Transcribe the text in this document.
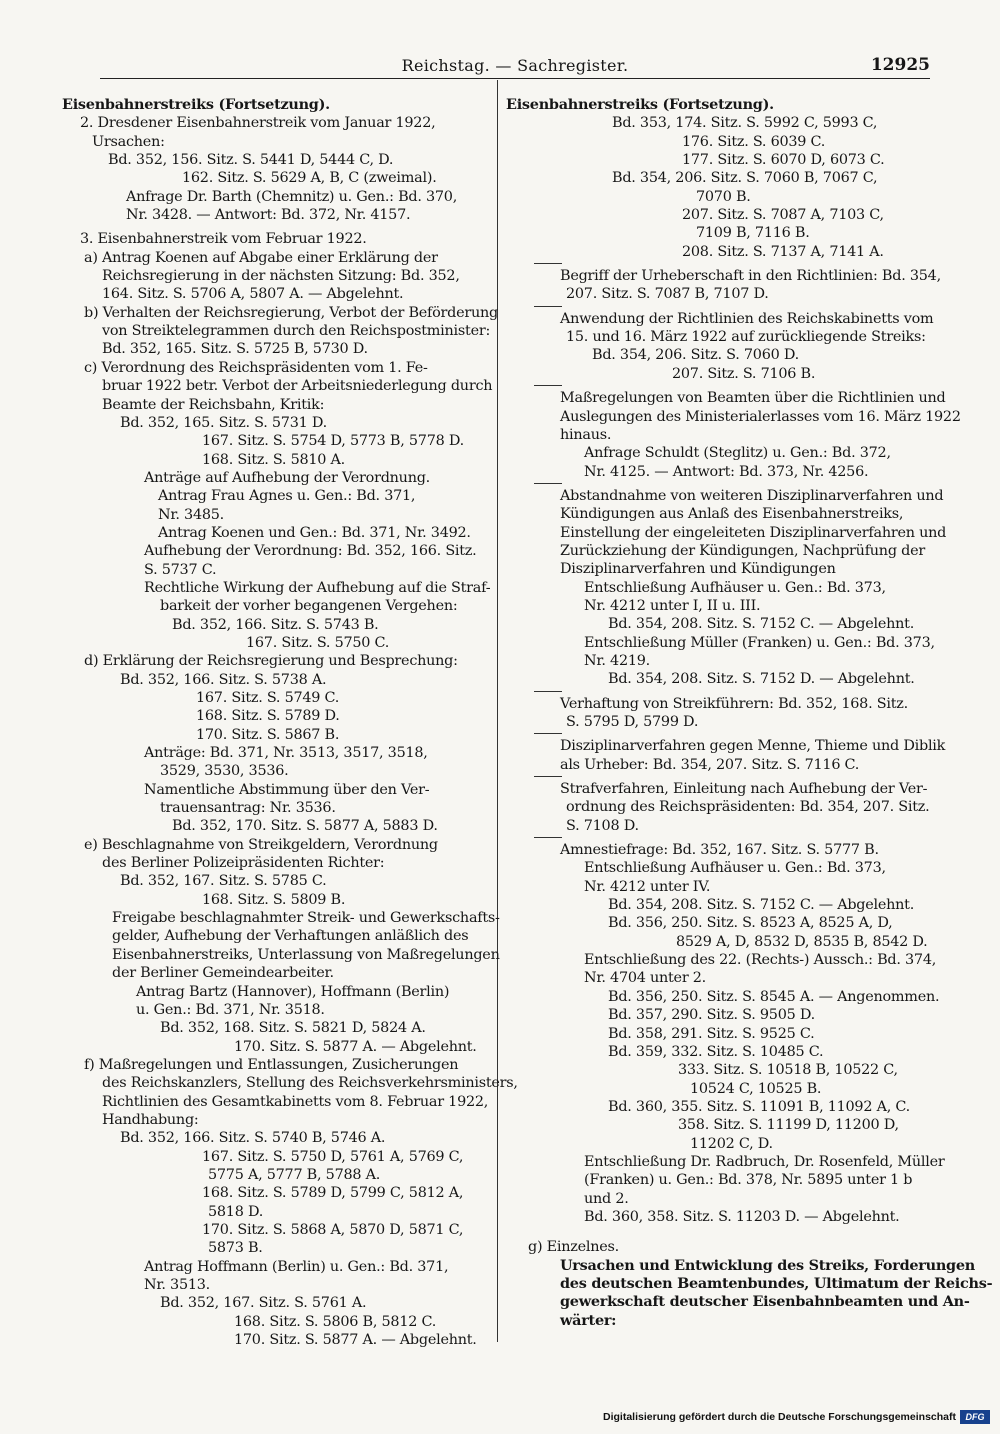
Reichstag. — Sachregister.	12925
Eisenbahnerstreiks (Fortsetzung).
2. Dresdener Eisenbahnerstreik vom Januar 1922,
Ursachen:
Bd. 352, 156. Sitz. S. 5441 D, 5444 C, D.
162. Sitz. S. 5629 A, B, C (zweimal).
Anfrage Dr. Barth (Chemnitz) u. Gen.: Bd. 370,
Nr. 3428. — Antwort: Bd. 372, Nr. 4157.
3. Eisenbahnerstreik vom Februar 1922.
a) Antrag Koenen auf Abgabe einer Erklärung der
Reichsregierung in der nächsten Sitzung: Bd. 352,
164. Sitz. S. 5706 A, 5807 A. — Abgelehnt.
b) Verhalten der Reichsregierung, Verbot der Beförderung
von Streiktelegrammen durch den Reichspostminister:
Bd. 352, 165. Sitz. S. 5725 B, 5730 D.
c) Verordnung des Reichspräsidenten vom 1. Fe-
bruar 1922 betr. Verbot der Arbeitsniederlegung durch
Beamte der Reichsbahn, Kritik:
Bd. 352, 165. Sitz. S. 5731 D.
167. Sitz. S. 5754 D, 5773 B, 5778 D.
168. Sitz. S. 5810 A.
Anträge auf Aufhebung der Verordnung.
Antrag Frau Agnes u. Gen.: Bd. 371,
Nr. 3485.
Antrag Koenen und Gen.: Bd. 371, Nr. 3492.
Aufhebung der Verordnung: Bd. 352, 166. Sitz.
S. 5737 C.
Rechtliche Wirkung der Aufhebung auf die Straf-
barkeit der vorher begangenen Vergehen:
Bd. 352, 166. Sitz. S. 5743 B.
167. Sitz. S. 5750 C.
d) Erklärung der Reichsregierung und Besprechung:
Bd. 352, 166. Sitz. S. 5738 A.
167. Sitz. S. 5749 C.
168. Sitz. S. 5789 D.
170. Sitz. S. 5867 B.
Anträge: Bd. 371, Nr. 3513, 3517, 3518,
3529, 3530, 3536.
Namentliche Abstimmung über den Ver-
trauensantrag: Nr. 3536.
Bd. 352, 170. Sitz. S. 5877 A, 5883 D.
e) Beschlagnahme von Streikgeldern, Verordnung
des Berliner Polizeipräsidenten Richter:
Bd. 352, 167. Sitz. S. 5785 C.
168. Sitz. S. 5809 B.
Freigabe beschlagnahmter Streik- und Gewerkschafts-
gelder, Aufhebung der Verhaftungen anläßlich des
Eisenbahnerstreiks, Unterlassung von Maßregelungen
der Berliner Gemeindearbeiter.
Antrag Bartz (Hannover), Hoffmann (Berlin)
u. Gen.: Bd. 371, Nr. 3518.
Bd. 352, 168. Sitz. S. 5821 D, 5824 A.
170. Sitz. S. 5877 A. — Abgelehnt.
f) Maßregelungen und Entlassungen, Zusicherungen
des Reichskanzlers, Stellung des Reichsverkehrsministers,
Richtlinien des Gesamtkabinetts vom 8. Februar 1922,
Handhabung:
Bd. 352, 166. Sitz. S. 5740 B, 5746 A.
167. Sitz. S. 5750 D, 5761 A, 5769 C,
5775 A, 5777 B, 5788 A.
168. Sitz. S. 5789 D, 5799 C, 5812 A,
5818 D.
170. Sitz. S. 5868 A, 5870 D, 5871 C,
5873 B.
Antrag Hoffmann (Berlin) u. Gen.: Bd. 371,
Nr. 3513.
Bd. 352, 167. Sitz. S. 5761 A.
168. Sitz. S. 5806 B, 5812 C.
170. Sitz. S. 5877 A. — Abgelehnt.
Eisenbahnerstreiks (Fortsetzung).
Bd. 353, 174. Sitz. S. 5992 C, 5993 C,
176. Sitz. S. 6039 C.
177. Sitz. S. 6070 D, 6073 C.
Bd. 354, 206. Sitz. S. 7060 B, 7067 C,
7070 B.
207. Sitz. S. 7087 A, 7103 C,
7109 B, 7116 B.
208. Sitz. S. 7137 A, 7141 A.
Begriff der Urheberschaft in den Richtlinien: Bd. 354,
207. Sitz. S. 7087 B, 7107 D.
Anwendung der Richtlinien des Reichskabinetts vom
15. und 16. März 1922 auf zurückliegende Streiks:
Bd. 354, 206. Sitz. S. 7060 D.
207. Sitz. S. 7106 B.
Maßregelungen von Beamten über die Richtlinien und
Auslegungen des Ministerialerlasses vom 16. März 1922
hinaus.
Anfrage Schuldt (Steglitz) u. Gen.: Bd. 372,
Nr. 4125. — Antwort: Bd. 373, Nr. 4256.
Abstandnahme von weiteren Disziplinarverfahren und
Kündigungen aus Anlaß des Eisenbahnerstreiks,
Einstellung der eingeleiteten Disziplinarverfahren und
Zurückziehung der Kündigungen, Nachprüfung der
Disziplinarverfahren und Kündigungen
Entschließung Aufhäuser u. Gen.: Bd. 373,
Nr. 4212 unter I, II u. III.
Bd. 354, 208. Sitz. S. 7152 C. — Abgelehnt.
Entschließung Müller (Franken) u. Gen.: Bd. 373,
Nr. 4219.
Bd. 354, 208. Sitz. S. 7152 D. — Abgelehnt.
Verhaftung von Streikführern: Bd. 352, 168. Sitz.
S. 5795 D, 5799 D.
Disziplinarverfahren gegen Menne, Thieme und Diblik
als Urheber: Bd. 354, 207. Sitz. S. 7116 C.
Strafverfahren, Einleitung nach Aufhebung der Ver-
ordnung des Reichspräsidenten: Bd. 354, 207. Sitz.
S. 7108 D.
Amnestiefrage: Bd. 352, 167. Sitz. S. 5777 B.
Entschließung Aufhäuser u. Gen.: Bd. 373,
Nr. 4212 unter IV.
Bd. 354, 208. Sitz. S. 7152 C. — Abgelehnt.
Bd. 356, 250. Sitz. S. 8523 A, 8525 A, D,
8529 A, D, 8532 D, 8535 B, 8542 D.
Entschließung des 22. (Rechts-) Aussch.: Bd. 374,
Nr. 4704 unter 2.
Bd. 356, 250. Sitz. S. 8545 A. — Angenommen.
Bd. 357, 290. Sitz. S. 9505 D.
Bd. 358, 291. Sitz. S. 9525 C.
Bd. 359, 332. Sitz. S. 10485 C.
333. Sitz. S. 10518 B, 10522 C,
10524 C, 10525 B.
Bd. 360, 355. Sitz. S. 11091 B, 11092 A, C.
358. Sitz. S. 11199 D, 11200 D,
11202 C, D.
Entschließung Dr. Radbruch, Dr. Rosenfeld, Müller
(Franken) u. Gen.: Bd. 378, Nr. 5895 unter 1 b
und 2.
Bd. 360, 358. Sitz. S. 11203 D. — Abgelehnt.
g) Einzelnes.
Ursachen und Entwicklung des Streiks, Forderungen
des deutschen Beamtenbundes, Ultimatum der Reichs-
gewerkschaft deutscher Eisenbahnbeamten und An-
wärter:
Digitalisierung gefördert durch die Deutsche Forschungsgemeinschaft	DFG
